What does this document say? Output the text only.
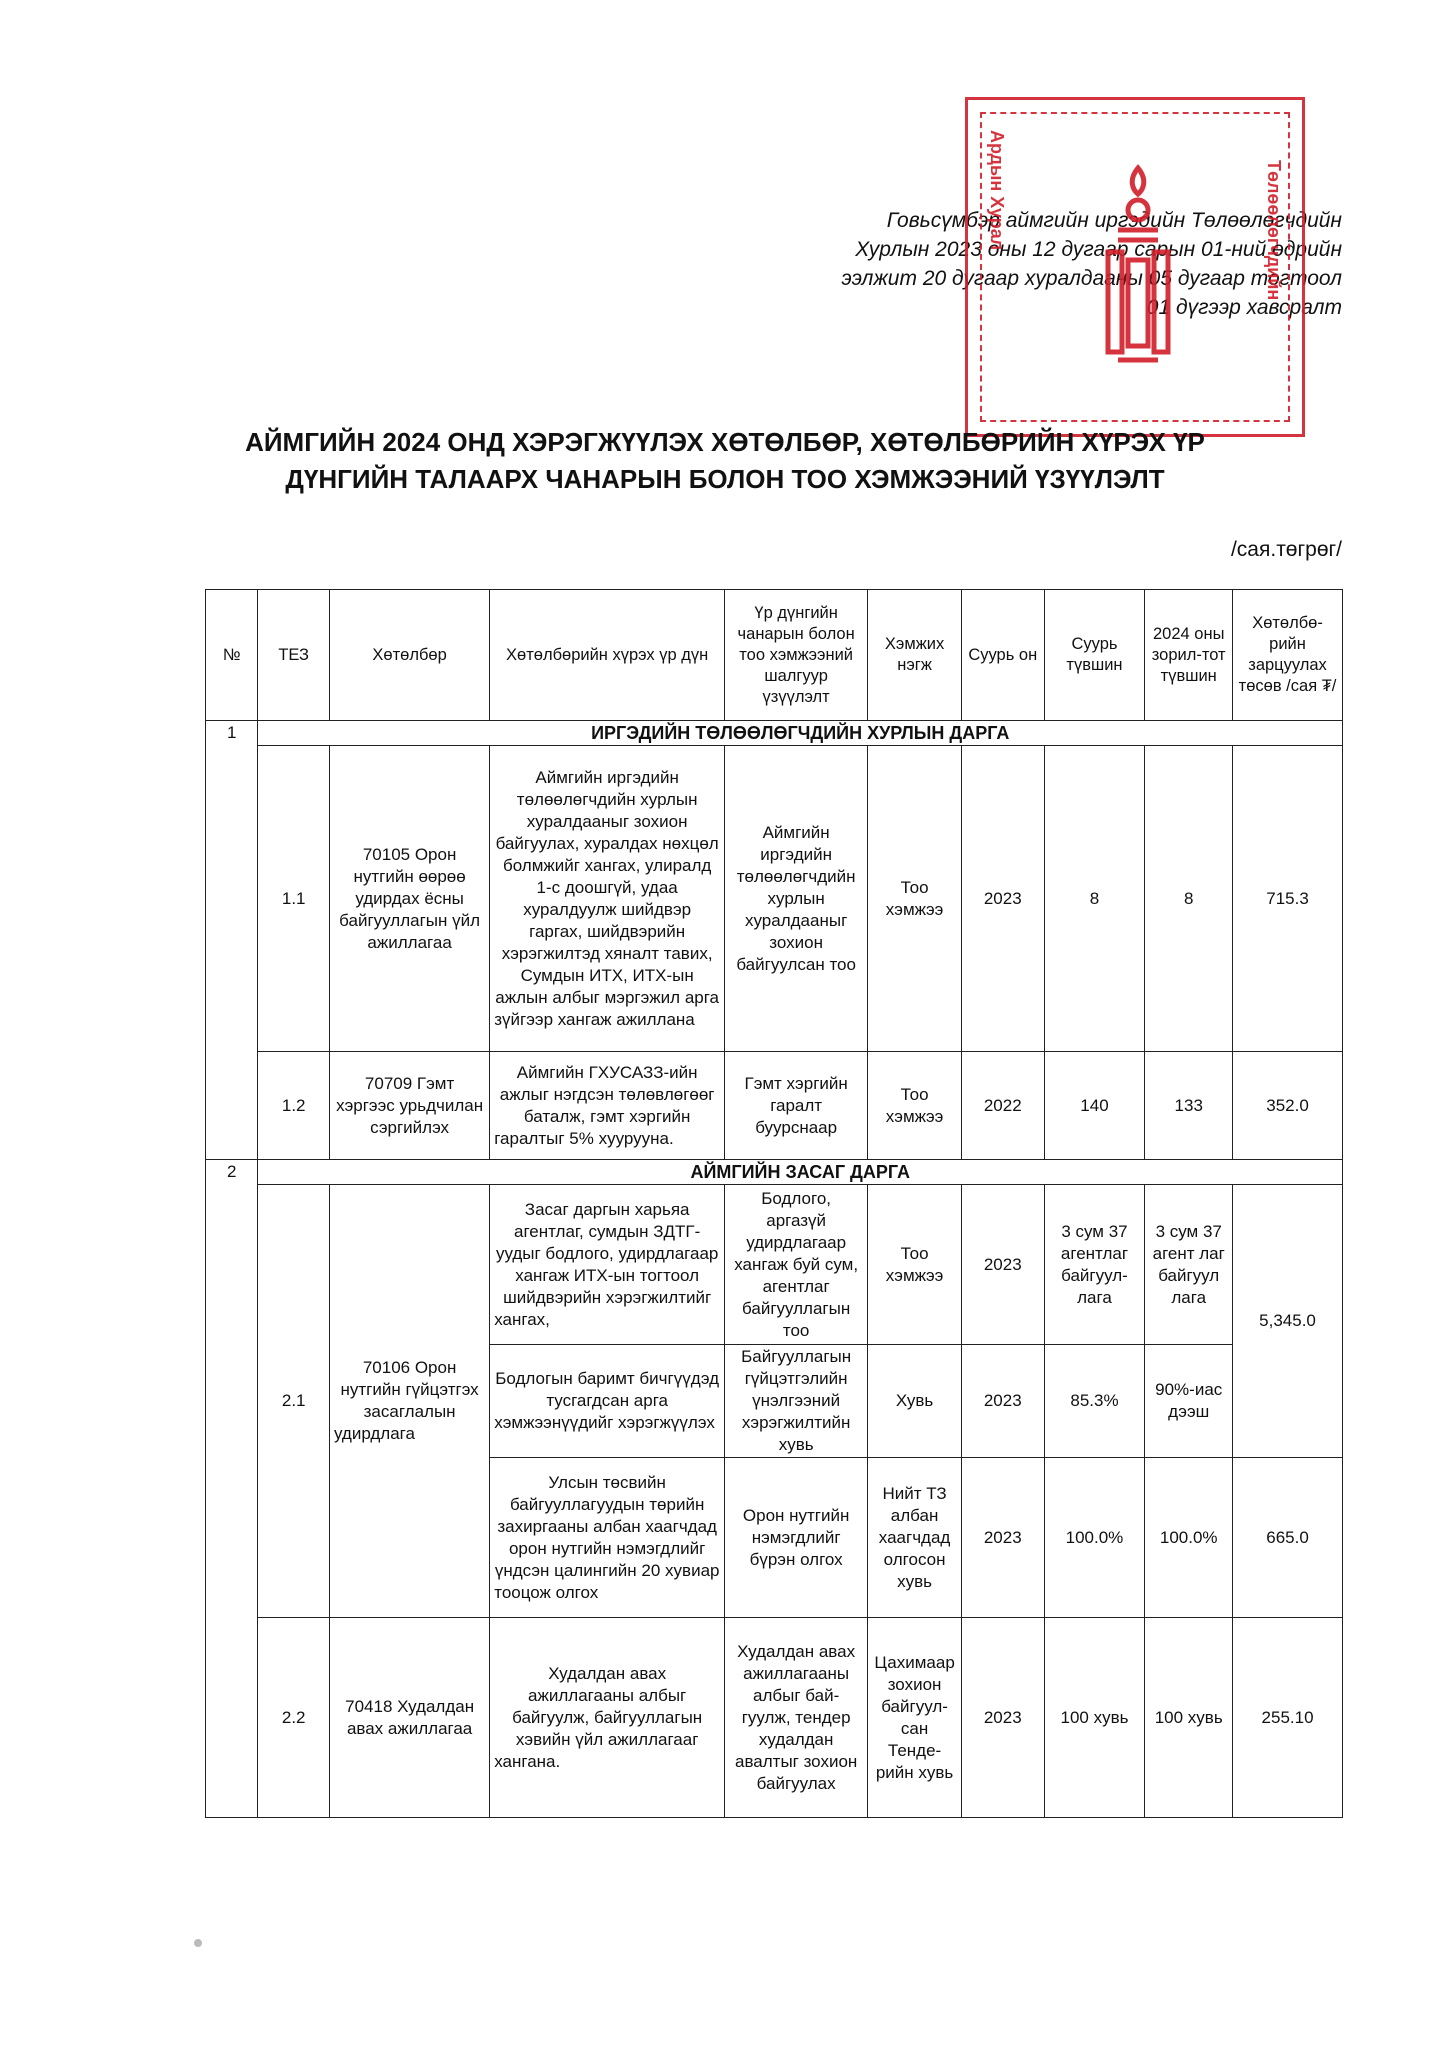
Говьсүмбэр аймгийн иргэдийн Төлөөлөгчдийн
Хурлын 2023 оны 12 дугаар сарын 01-ний өдрийн
ээлжит 20 дугаар хуралдааны 05 дугаар тогтоол
01 дүгээр хавсралт
Ардын Хурал	Төлөөлөгчдийн
АЙМГИЙН 2024 ОНД ХЭРЭГЖҮҮЛЭХ ХӨТӨЛБӨР, ХӨТӨЛБӨРИЙН ХҮРЭХ ҮР
ДҮНГИЙН ТАЛААРХ ЧАНАРЫН БОЛОН ТОО ХЭМЖЭЭНИЙ ҮЗҮҮЛЭЛТ
/сая.төгрөг/
№	ТЕЗ	Хөтөлбөр	Хөтөлбөрийн хүрэх үр дүн	Үр дүнгийн чанарын болон тоо хэмжээний шалгуур үзүүлэлт	Хэмжих нэгж	Суурь он	Суурь түвшин	2024 оны зорил-тот түвшин	Хөтөлбө-рийн зарцуулах төсөв /сая ₮/
1	ИРГЭДИЙН ТӨЛӨӨЛӨГЧДИЙН ХУРЛЫН ДАРГА								
	1.1	70105 Орон нутгийн өөрөө удирдах ёсны байгууллагын үйл ажиллагаа	Аймгийн иргэдийн төлөөлөгчдийн хурлын хуралдааныг зохион байгуулах, хуралдах нөхцөл болмжийг хангах, улиралд 1-с доошгүй, удаа хуралдуулж шийдвэр гаргах, шийдвэрийн хэрэгжилтэд хяналт тавих, Сумдын ИТХ, ИТХ-ын ажлын албыг мэргэжил арга зүйгээр хангаж ажиллана	Аймгийн иргэдийн төлөөлөгчдийн хурлын хуралдааныг зохион байгуулсан тоо	Тоо хэмжээ	2023	8	8	715.3
	1.2	70709 Гэмт хэргээс урьдчилан сэргийлэх	Аймгийн ГХУСАЗЗ-ийн ажлыг нэгдсэн төлөвлөгөөг баталж, гэмт хэргийн гаралтыг 5% хуурууна.	Гэмт хэргийн гаралт буурснаар	Тоо хэмжээ	2022	140	133	352.0
2	АЙМГИЙН ЗАСАГ ДАРГА								
	2.1	70106 Орон нутгийн гүйцэтгэх засаглалын удирдлага	Засаг даргын харьяа агентлаг, сумдын ЗДТГ-уудыг бодлого, удирдлагаар хангаж ИТХ-ын тогтоол шийдвэрийн хэрэгжилтийг хангах,	Бодлого, аргазүй удирдлагаар хангаж буй сум, агентлаг байгууллагын тоо	Тоо хэмжээ	2023	3 сум 37 агентлаг байгуул-лага	3 сум 37 агент лаг байгуул лага	5,345.0
			Бодлогын баримт бичгүүдэд тусгагдсан арга хэмжээнүүдийг хэрэгжүүлэх	Байгууллагын гүйцэтгэлийн үнэлгээний хэрэгжилтийн хувь	Хувь	2023	85.3%	90%-иас дээш	
			Улсын төсвийн байгууллагуудын төрийн захиргааны албан хаагчдад орон нутгийн нэмэгдлийг үндсэн цалингийн 20 хувиар тооцож олгох	Орон нутгийн нэмэгдлийг бүрэн олгох	Нийт ТЗ албан хаагчдад олгосон хувь	2023	100.0%	100.0%	665.0
	2.2	70418 Худалдан авах ажиллагаа	Худалдан авах ажиллагааны албыг байгуулж, байгууллагын хэвийн үйл ажиллагааг хангана.	Худалдан авах ажиллагааны албыг бай-гуулж, тендер худалдан авалтыг зохион байгуулах	Цахимаар зохион байгуул-сан Тенде-рийн хувь	2023	100 хувь	100 хувь	255.10
